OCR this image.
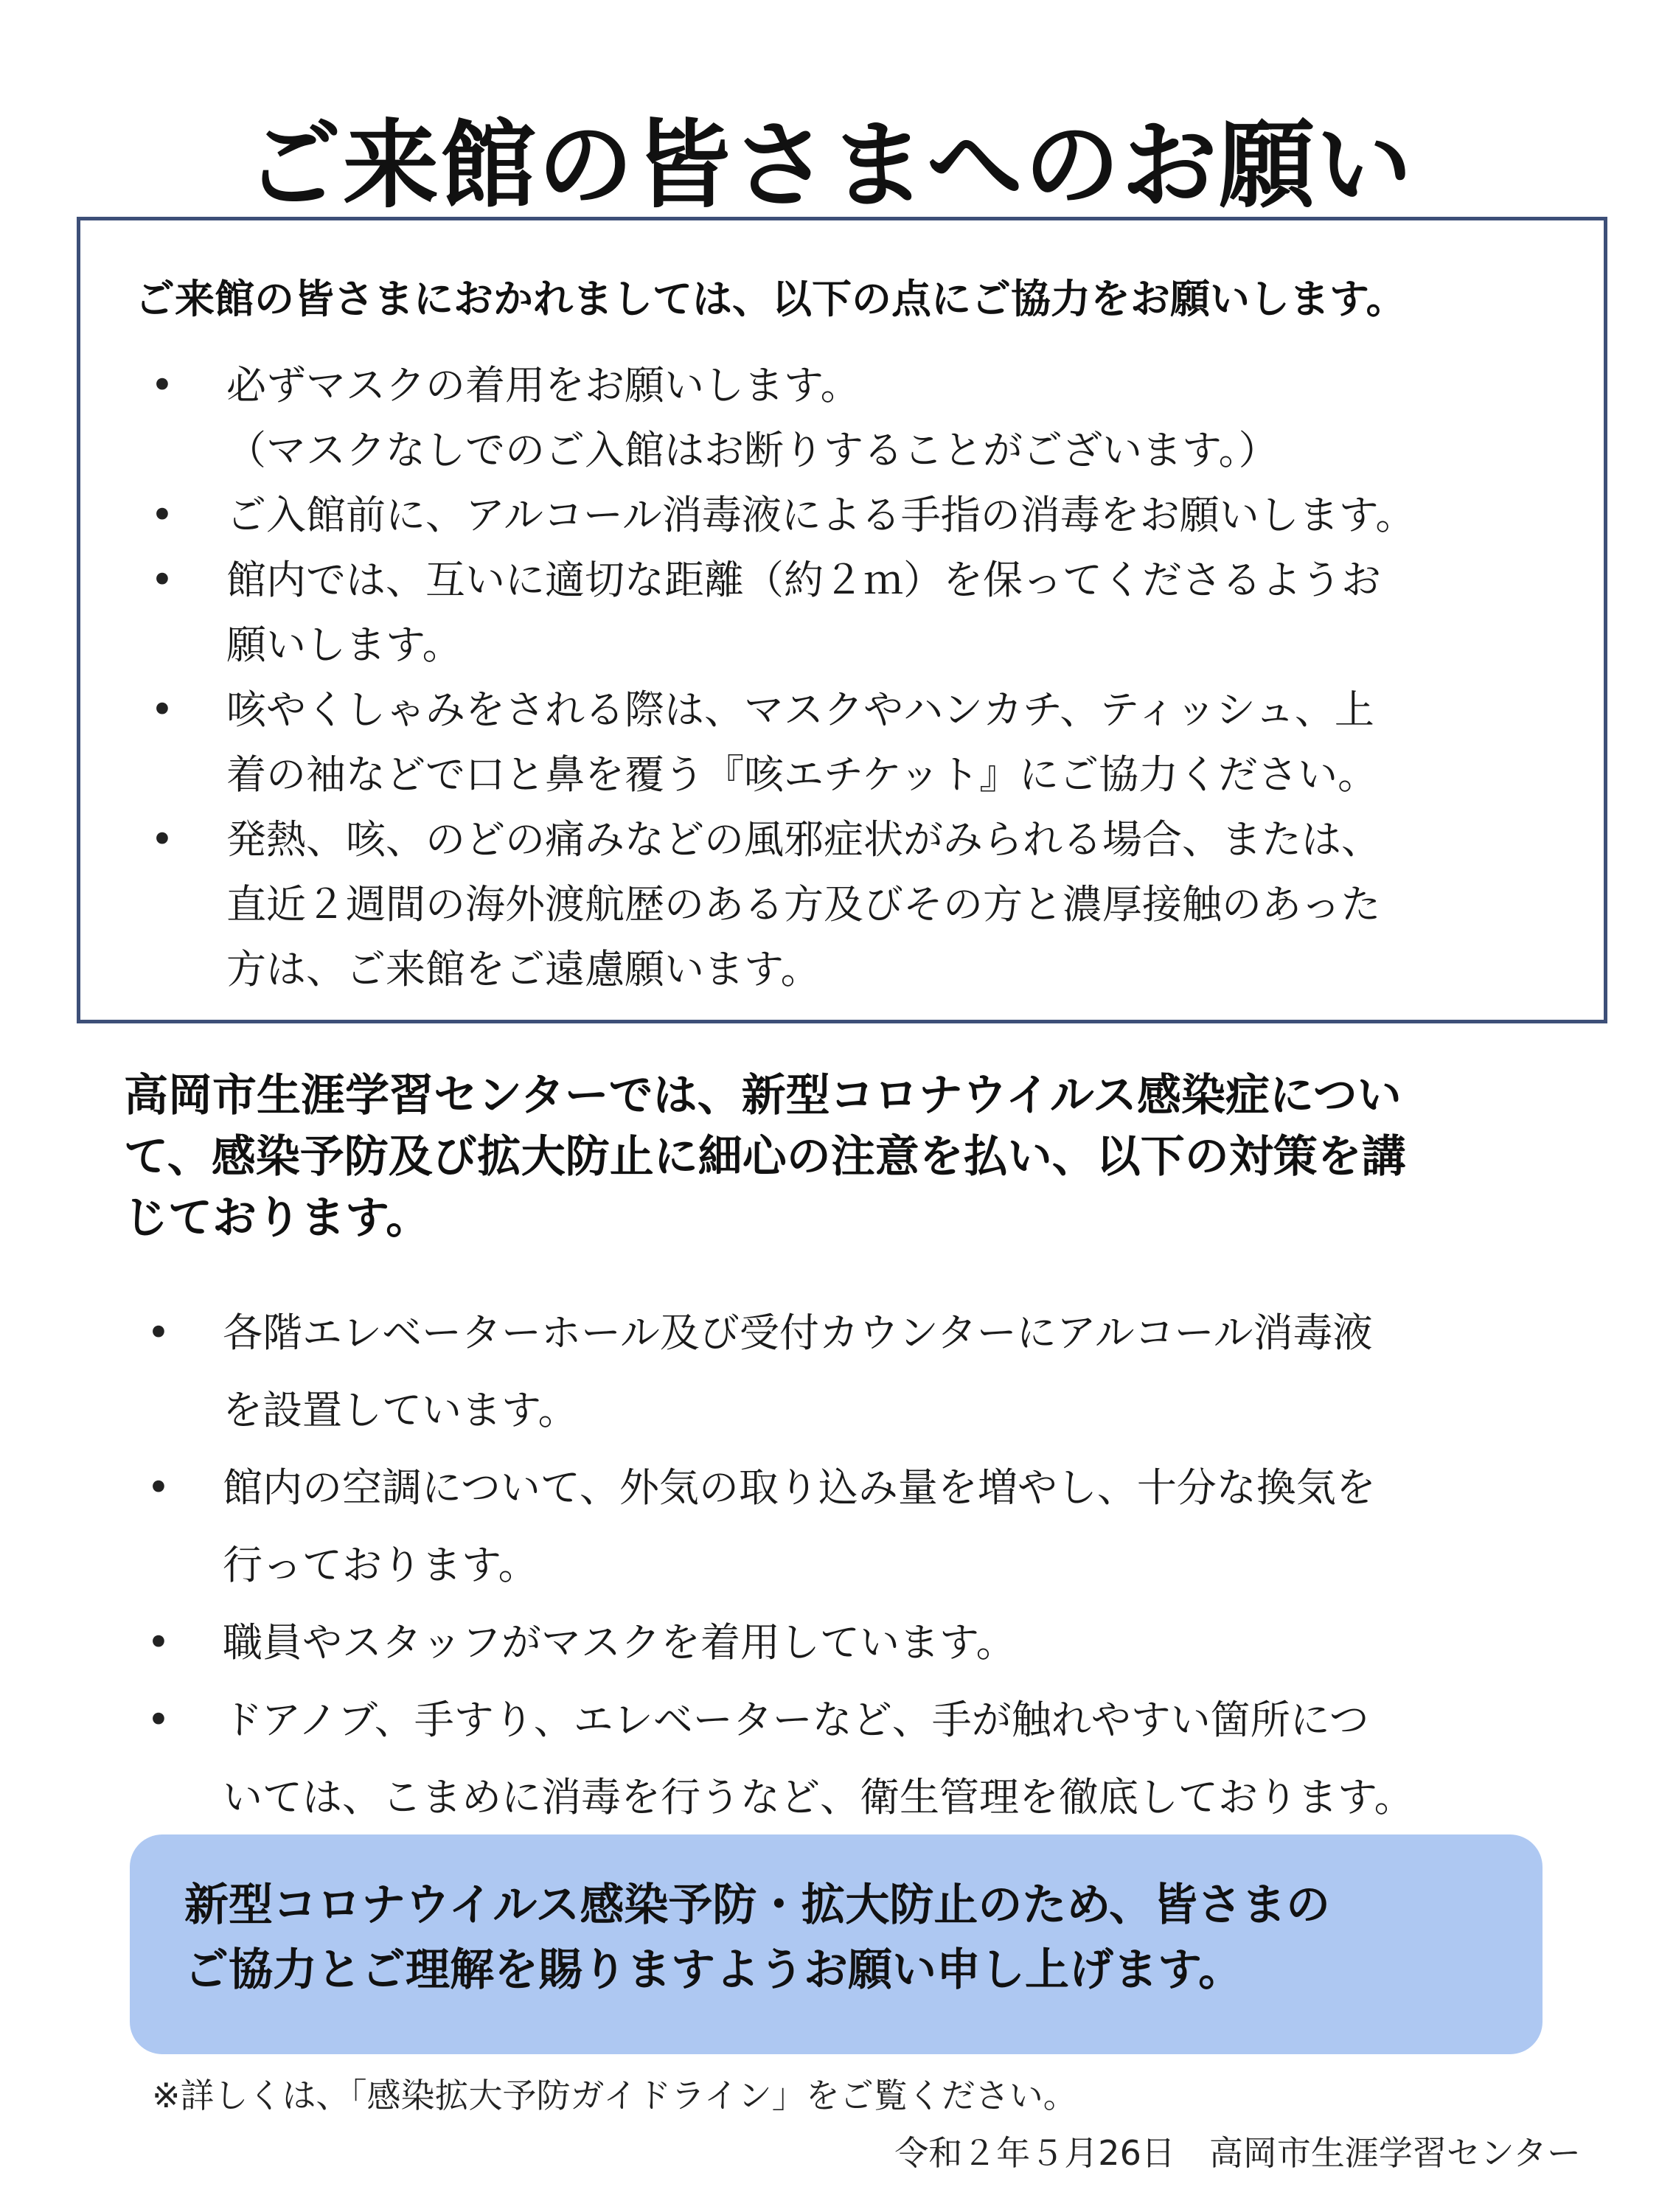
ご来館の皆さまへのお願い
ご来館の皆さまにおかれましては、以下の点にご協力をお願いします。
• 必ずマスクの着用をお願いします。
（マスクなしでのご入館はお断りすることがございます。）
• ご入館前に、アルコール消毒液による手指の消毒をお願いします。
• 館内では、互いに適切な距離（約２ｍ）を保ってくださるようお
願いします。
• 咳やくしゃみをされる際は、マスクやハンカチ、ティッシュ、上
着の袖などで口と鼻を覆う『咳エチケット』にご協力ください。
• 発熱、咳、のどの痛みなどの風邪症状がみられる場合、または、
直近２週間の海外渡航歴のある方及びその方と濃厚接触のあった
方は、ご来館をご遠慮願います。
高岡市生涯学習センターでは、新型コロナウイルス感染症につい
て、感染予防及び拡大防止に細心の注意を払い、以下の対策を講
じております。
• 各階エレベーターホール及び受付カウンターにアルコール消毒液
を設置しています。
• 館内の空調について、外気の取り込み量を増やし、十分な換気を
行っております。
• 職員やスタッフがマスクを着用しています。
• ドアノブ、手すり、エレベーターなど、手が触れやすい箇所につ
いては、こまめに消毒を行うなど、衛生管理を徹底しております。
新型コロナウイルス感染予防・拡大防止のため、皆さまの
ご協力とご理解を賜りますようお願い申し上げます。
※詳しくは、「感染拡大予防ガイドライン」をご覧ください。
令和２年５月26日　高岡市生涯学習センター
